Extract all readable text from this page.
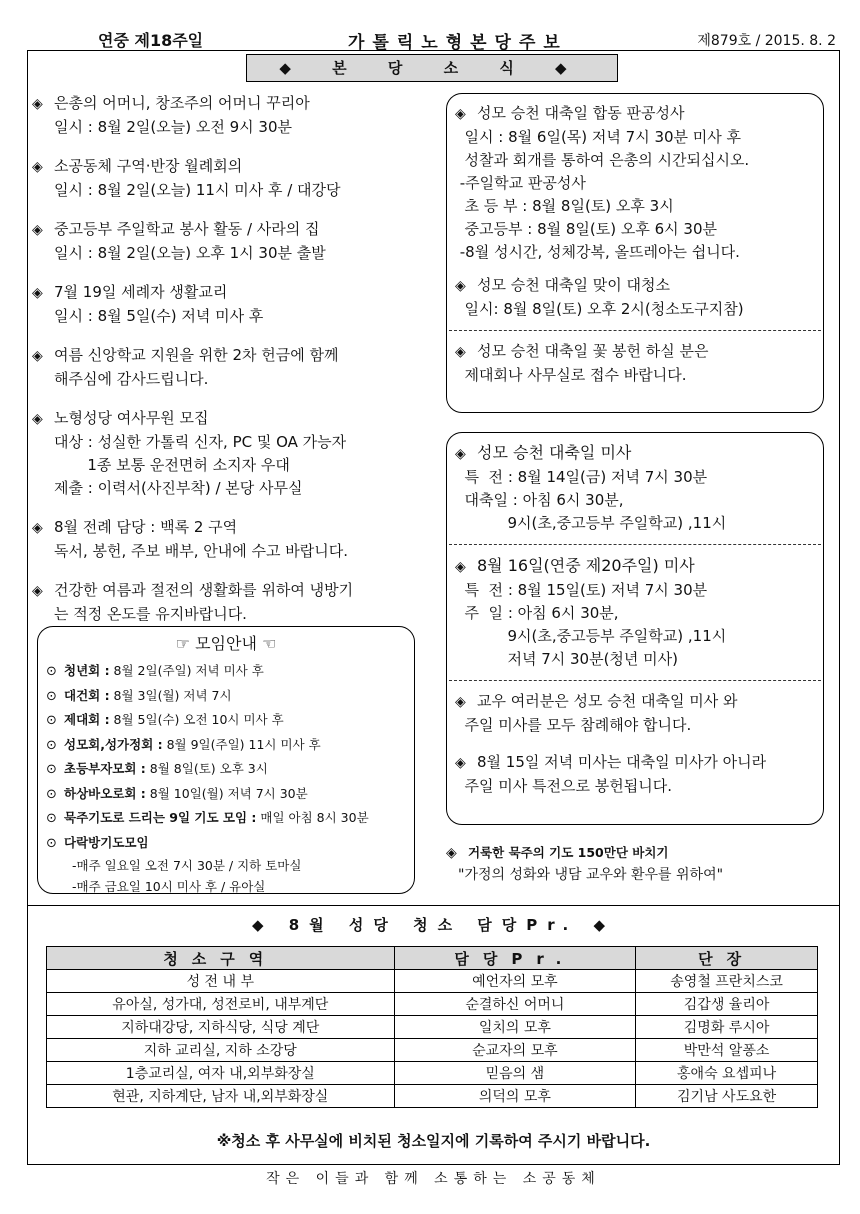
연중 제18주일	가톨릭노형본당주보	제879호 / 2015. 8. 2
◆ 본 당 소 식 ◆
◈ 은총의 어머니, 창조주의 어머니 꾸리아
일시 : 8월 2일(오늘) 오전 9시 30분
◈ 소공동체 구역·반장 월례회의
일시 : 8월 2일(오늘) 11시 미사 후 / 대강당
◈ 중고등부 주일학교 봉사 활동 / 사라의 집
일시 : 8월 2일(오늘) 오후 1시 30분 출발
◈ 7월 19일 세례자 생활교리
일시 : 8월 5일(수) 저녁 미사 후
◈ 여름 신앙학교 지원을 위한 2차 헌금에 함께
해주심에 감사드립니다.
◈ 노형성당 여사무원 모집
대상 : 성실한 가톨릭 신자, PC 및 OA 가능자
1종 보통 운전면허 소지자 우대
제출 : 이력서(사진부착) / 본당 사무실
◈ 8월 전례 담당 : 백록 2 구역
독서, 봉헌, 주보 배부, 안내에 수고 바랍니다.
◈ 건강한 여름과 절전의 생활화를 위하여 냉방기
는 적정 온도를 유지바랍니다.
☞ 모임안내 ☜
⊙ 청년회 : 8월 2일(주일) 저녁 미사 후
⊙ 대건회 : 8월 3일(월) 저녁 7시
⊙ 제대회 : 8월 5일(수) 오전 10시 미사 후
⊙ 성모회,성가정회 : 8월 9일(주일) 11시 미사 후
⊙ 초등부자모회 : 8월 8일(토) 오후 3시
⊙ 하상바오로회 : 8월 10일(월) 저녁 7시 30분
⊙ 묵주기도로 드리는 9일 기도 모임 : 매일 아침 8시 30분
⊙ 다락방기도모임
-매주 일요일 오전 7시 30분 / 지하 토마실
-매주 금요일 10시 미사 후 / 유아실
◈ 성모 승천 대축일 합동 판공성사
일시 : 8월 6일(목) 저녁 7시 30분 미사 후
성찰과 회개를 통하여 은총의 시간되십시오.
-주일학교 판공성사
초 등 부 : 8월 8일(토) 오후 3시
중고등부 : 8월 8일(토) 오후 6시 30분
-8월 성시간, 성체강복, 올뜨레아는 쉽니다.
◈ 성모 승천 대축일 맞이 대청소
일시: 8월 8일(토) 오후 2시(청소도구지참)
◈ 성모 승천 대축일 꽃 봉헌 하실 분은
제대회나 사무실로 접수 바랍니다.
◈ 성모 승천 대축일 미사
특  전 : 8월 14일(금) 저녁 7시 30분
대축일 : 아침 6시 30분,
9시(초,중고등부 주일학교) ,11시
◈ 8월 16일(연중 제20주일) 미사
특  전 : 8월 15일(토) 저녁 7시 30분
주  일 : 아침 6시 30분,
9시(초,중고등부 주일학교) ,11시
저녁 7시 30분(청년 미사)
◈ 교우 여러분은 성모 승천 대축일 미사 와
주일 미사를 모두 참례해야 합니다.
◈ 8월 15일 저녁 미사는 대축일 미사가 아니라
주일 미사 특전으로 봉헌됩니다.
◈ 거룩한 묵주의 기도 150만단 바치기
"가정의 성화와 냉담 교우와 환우를 위하여"
◆ 8월 성당 청소 담당Pr. ◆
청소구역	담당Pr.	단장
성 전 내 부	예언자의 모후	송영철 프란치스코
유아실, 성가대, 성전로비, 내부계단	순결하신 어머니	김갑생 율리아
지하대강당, 지하식당, 식당 계단	일치의 모후	김명화 루시아
지하 교리실, 지하 소강당	순교자의 모후	박만석 알퐁소
1층교리실, 여자 내,외부화장실	믿음의 샘	홍애숙 요셉피나
현관, 지하계단, 남자 내,외부화장실	의덕의 모후	김기남 사도요한
※청소 후 사무실에 비치된 청소일지에 기록하여 주시기 바랍니다.
작은 이들과 함께 소통하는 소공동체
